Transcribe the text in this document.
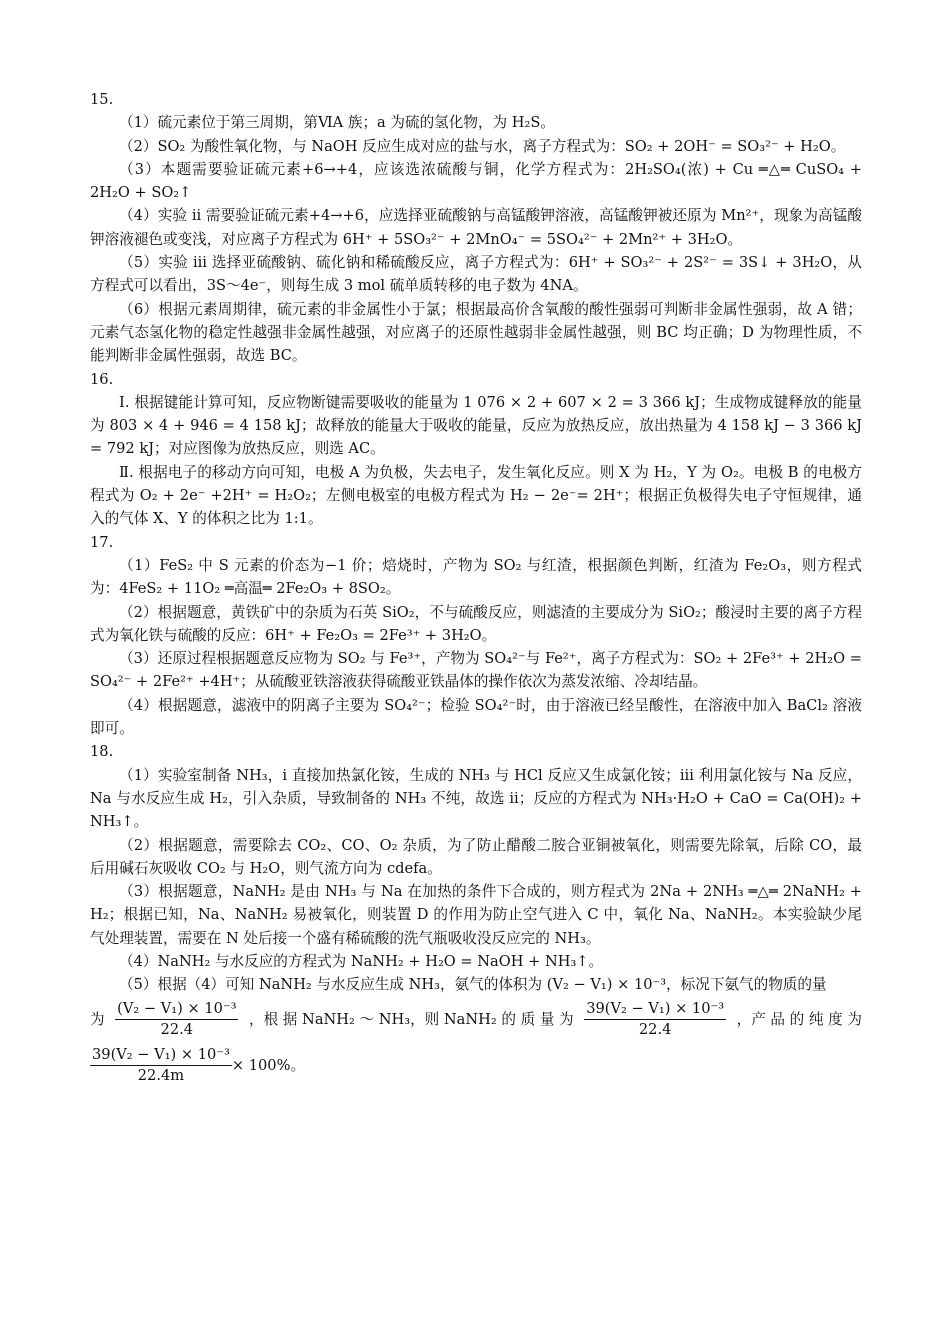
15.

（1）硫元素位于第三周期，第ⅥA 族；a 为硫的氢化物，为 H₂S。

（2）SO₂ 为酸性氧化物，与 NaOH 反应生成对应的盐与水，离子方程式为：SO₂ + 2OH⁻ = SO₃²⁻ + H₂O。

（3）本题需要验证硫元素+6→+4，应该选浓硫酸与铜，化学方程式为：2H₂SO₄(浓) + Cu ═△═ CuSO₄ + 2H₂O + SO₂↑

（4）实验 ii 需要验证硫元素+4→+6，应选择亚硫酸钠与高锰酸钾溶液，高锰酸钾被还原为 Mn²⁺，现象为高锰酸钾溶液褪色或变浅，对应离子方程式为 6H⁺ + 5SO₃²⁻ + 2MnO₄⁻ = 5SO₄²⁻ + 2Mn²⁺ + 3H₂O。

（5）实验 iii 选择亚硫酸钠、硫化钠和稀硫酸反应，离子方程式为：6H⁺ + SO₃²⁻ + 2S²⁻ = 3S↓ + 3H₂O，从方程式可以看出，3S～4e⁻，则每生成 3 mol 硫单质转移的电子数为 4NA。

（6）根据元素周期律，硫元素的非金属性小于氯；根据最高价含氧酸的酸性强弱可判断非金属性强弱，故 A 错；元素气态氢化物的稳定性越强非金属性越强，对应离子的还原性越弱非金属性越强，则 BC 均正确；D 为物理性质，不能判断非金属性强弱，故选 BC。

16.

Ⅰ. 根据键能计算可知，反应物断键需要吸收的能量为 1 076 × 2 + 607 × 2 = 3 366 kJ；生成物成键释放的能量为 803 × 4 + 946 = 4 158 kJ；故释放的能量大于吸收的能量，反应为放热反应，放出热量为 4 158 kJ − 3 366 kJ = 792 kJ；对应图像为放热反应，则选 AC。

Ⅱ. 根据电子的移动方向可知，电极 A 为负极，失去电子，发生氧化反应。则 X 为 H₂，Y 为 O₂。电极 B 的电极方程式为 O₂ + 2e⁻ +2H⁺ = H₂O₂；左侧电极室的电极方程式为 H₂ − 2e⁻= 2H⁺；根据正负极得失电子守恒规律，通入的气体 X、Y 的体积之比为 1:1。

17.

（1）FeS₂ 中 S 元素的价态为−1 价；焙烧时，产物为 SO₂ 与红渣，根据颜色判断，红渣为 Fe₂O₃，则方程式为：4FeS₂ + 11O₂ ═高温═ 2Fe₂O₃ + 8SO₂。

（2）根据题意，黄铁矿中的杂质为石英 SiO₂，不与硫酸反应，则滤渣的主要成分为 SiO₂；酸浸时主要的离子方程式为氧化铁与硫酸的反应：6H⁺ + Fe₂O₃ = 2Fe³⁺ + 3H₂O。

（3）还原过程根据题意反应物为 SO₂ 与 Fe³⁺，产物为 SO₄²⁻与 Fe²⁺，离子方程式为：SO₂ + 2Fe³⁺ + 2H₂O = SO₄²⁻ + 2Fe²⁺ +4H⁺；从硫酸亚铁溶液获得硫酸亚铁晶体的操作依次为蒸发浓缩、冷却结晶。

（4）根据题意，滤液中的阴离子主要为 SO₄²⁻；检验 SO₄²⁻时，由于溶液已经呈酸性，在溶液中加入 BaCl₂ 溶液即可。

18.

（1）实验室制备 NH₃，i 直接加热氯化铵，生成的 NH₃ 与 HCl 反应又生成氯化铵；iii 利用氯化铵与 Na 反应，Na 与水反应生成 H₂，引入杂质，导致制备的 NH₃ 不纯，故选 ii；反应的方程式为 NH₃·H₂O + CaO = Ca(OH)₂ + NH₃↑。

（2）根据题意，需要除去 CO₂、CO、O₂ 杂质，为了防止醋酸二胺合亚铜被氧化，则需要先除氧，后除 CO，最后用碱石灰吸收 CO₂ 与 H₂O，则气流方向为 cdefa。

（3）根据题意，NaNH₂ 是由 NH₃ 与 Na 在加热的条件下合成的，则方程式为 2Na + 2NH₃ ═△═ 2NaNH₂ + H₂；根据已知，Na、NaNH₂ 易被氧化，则装置 D 的作用为防止空气进入 C 中，氧化 Na、NaNH₂。本实验缺少尾气处理装置，需要在 N 处后接一个盛有稀硫酸的洗气瓶吸收没反应完的 NH₃。

（4）NaNH₂ 与水反应的方程式为 NaNH₂ + H₂O = NaOH + NH₃↑。

（5）根据（4）可知 NaNH₂ 与水反应生成 NH₃，氨气的体积为 (V₂ − V₁) × 10⁻³，标况下氨气的物质的量

为 $\frac{\text{(V₂ − V₁) × 10⁻³}}{22.4}$ ，根 据 NaNH₂ ～ NH₃，则 NaNH₂ 的 质 量 为 $\frac{\text{39(V₂ − V₁) × 10⁻³}}{22.4}$ ，产 品 的 纯 度 为
$\frac{\text{39(V₂ − V₁) × 10⁻³}}{22.4m} \times 100\%$。
